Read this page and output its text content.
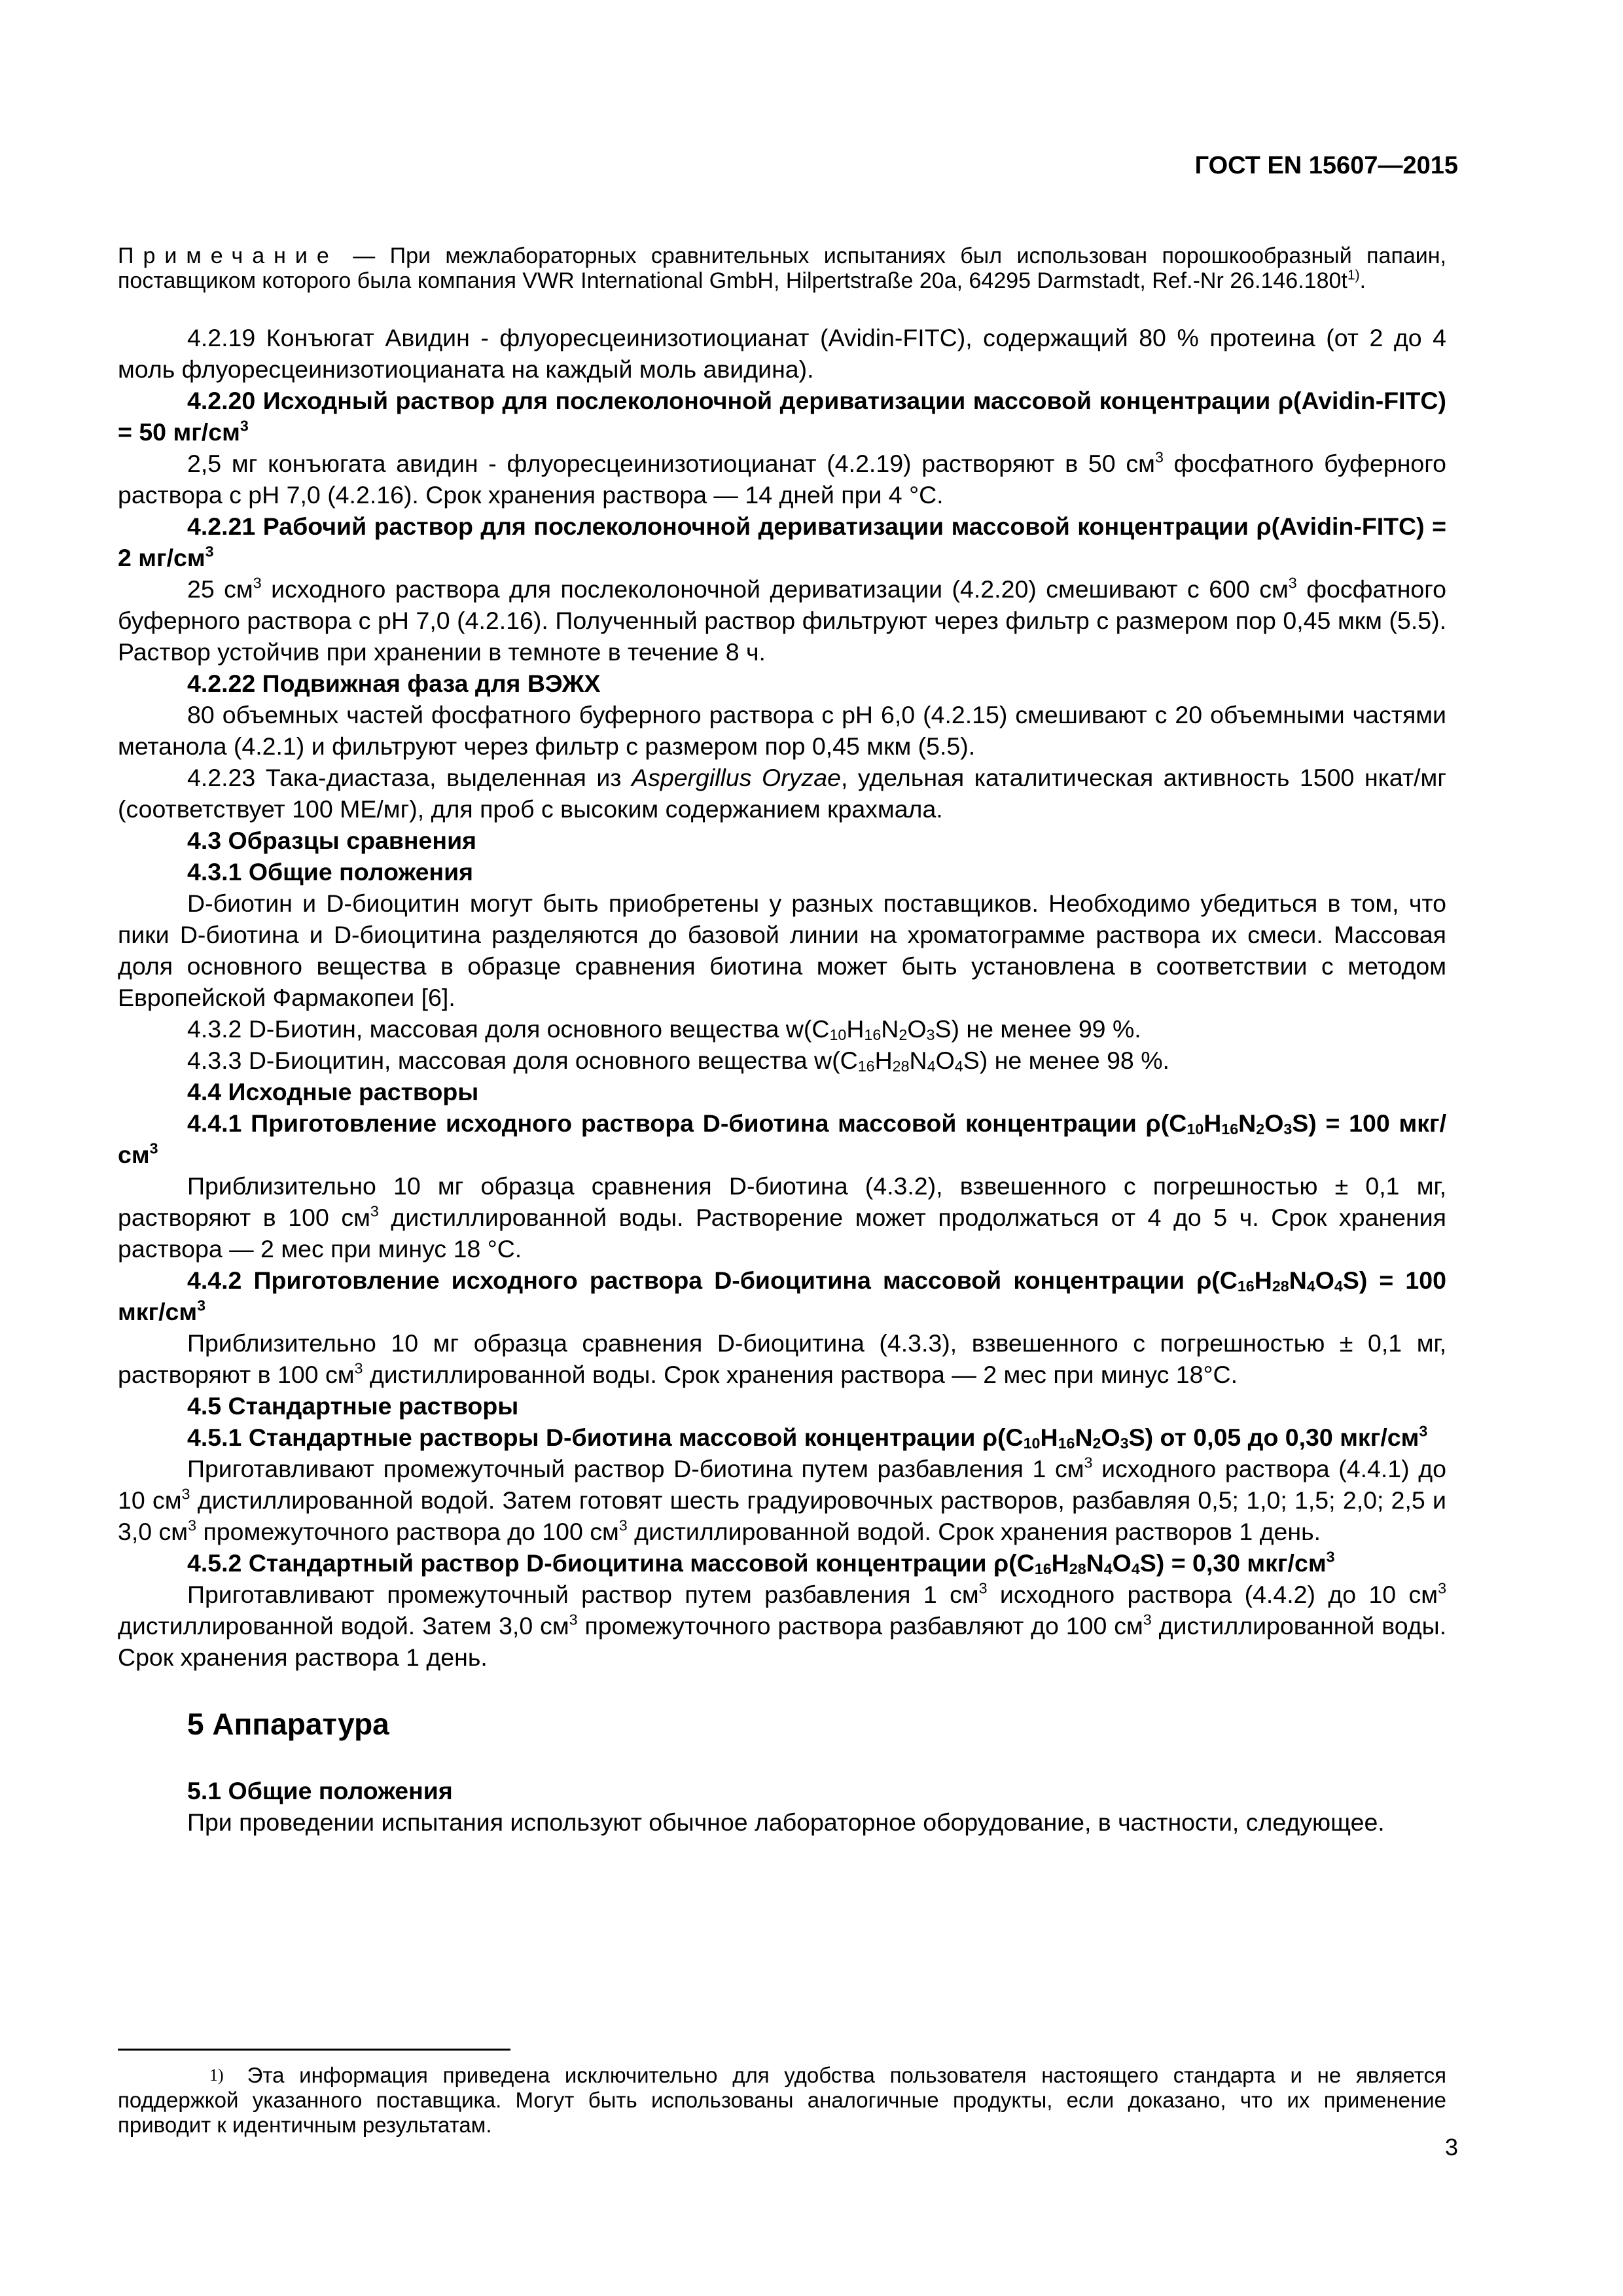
ГОСТ EN 15607—2015
Примечание — При межлабораторных сравнительных испытаниях был использован порошкообразный папаин, поставщиком которого была компания VWR International GmbH, Hilpertstraße 20a, 64295 Darmstadt, Ref.-Nr $26.146.180t^{1)}$.

4.2.19 Конъюгат Авидин - флуоресцеинизотиоцианат (Avidin-FITC), содержащий 80 % протеина (от 2 до 4 моль флуоресцеинизотиоцианата на каждый моль авидина).

4.2.20 Исходный раствор для послеколоночной дериватизации массовой концентрации ρ(Avidin-FITC) = 50 $мг/см^3$

2,5 мг конъюгата авидин - флуоресцеинизотиоцианат (4.2.19) растворяют в 50 $см^3$ фосфатного буферного раствора с pH 7,0 (4.2.16). Срок хранения раствора — 14 дней при 4 °С.

4.2.21 Рабочий раствор для послеколоночной дериватизации массовой концентрации ρ(Avidin-FITC) = 2 $мг/см^3$

25 $см^3$ исходного раствора для послеколоночной дериватизации (4.2.20) смешивают с 600 $см^3$ фосфатного буферного раствора с pH 7,0 (4.2.16). Полученный раствор фильтруют через фильтр с размером пор 0,45 мкм (5.5). Раствор устойчив при хранении в темноте в течение 8 ч.

4.2.22 Подвижная фаза для ВЭЖХ

80 объемных частей фосфатного буферного раствора с pH 6,0 (4.2.15) смешивают с 20 объемными частями метанола (4.2.1) и фильтруют через фильтр с размером пор 0,45 мкм (5.5).

4.2.23 Така-диастаза, выделенная из Aspergillus Oryzae, удельная каталитическая активность 1500 нкат/мг (соответствует 100 МЕ/мг), для проб с высоким содержанием крахмала.

4.3 Образцы сравнения

4.3.1 Общие положения

D-биотин и D-биоцитин могут быть приобретены у разных поставщиков. Необходимо убедиться в том, что пики D-биотина и D-биоцитина разделяются до базовой линии на хроматограмме раствора их смеси. Массовая доля основного вещества в образце сравнения биотина может быть установлена в соответствии с методом Европейской Фармакопеи [6].

4.3.2 D-Биотин, массовая доля основного вещества $w(C_{10}H_{16}N_2O_3S)$ не менее 99 %.

4.3.3 D-Биоцитин, массовая доля основного вещества $w(C_{16}H_{28}N_4O_4S)$ не менее 98 %.

4.4 Исходные растворы

4.4.1 Приготовление исходного раствора D-биотина массовой концентрации $\rho(C_{10}H_{16}N_2O_3S) = 100$ мкг/$см^3$

Приблизительно 10 мг образца сравнения D-биотина (4.3.2), взвешенного с погрешностью ± 0,1 мг, растворяют в 100 $см^3$ дистиллированной воды. Растворение может продолжаться от 4 до 5 ч. Срок хранения раствора — 2 мес при минус 18 °С.

4.4.2 Приготовление исходного раствора D-биоцитина массовой концентрации $\rho(C_{16}H_{28}N_4O_4S) = 100$ мкг/$см^3$

Приблизительно 10 мг образца сравнения D-биоцитина (4.3.3), взвешенного с погрешностью ± 0,1 мг, растворяют в 100 $см^3$ дистиллированной воды. Срок хранения раствора — 2 мес при минус 18°С.

4.5 Стандартные растворы

4.5.1 Стандартные растворы D-биотина массовой концентрации $\rho(C_{10}H_{16}N_2O_3S)$ от 0,05 до 0,30 мкг/$см^3$

Приготавливают промежуточный раствор D-биотина путем разбавления 1 $см^3$ исходного раствора (4.4.1) до 10 $см^3$ дистиллированной водой. Затем готовят шесть градуировочных растворов, разбавляя 0,5; 1,0; 1,5; 2,0; 2,5 и 3,0 $см^3$ промежуточного раствора до 100 $см^3$ дистиллированной водой. Срок хранения растворов 1 день.

4.5.2 Стандартный раствор D-биоцитина массовой концентрации $\rho(C_{16}H_{28}N_4O_4S) = 0,30$ мкг/$см^3$

Приготавливают промежуточный раствор путем разбавления 1 $см^3$ исходного раствора (4.4.2) до 10 $см^3$ дистиллированной водой. Затем 3,0 $см^3$ промежуточного раствора разбавляют до 100 $см^3$ дистиллированной воды. Срок хранения раствора 1 день.

5 Аппаратура

5.1 Общие положения

При проведении испытания используют обычное лабораторное оборудование, в частности, следующее.

1) Эта информация приведена исключительно для удобства пользователя настоящего стандарта и не является поддержкой указанного поставщика. Могут быть использованы аналогичные продукты, если доказано, что их применение приводит к идентичным результатам.
3
